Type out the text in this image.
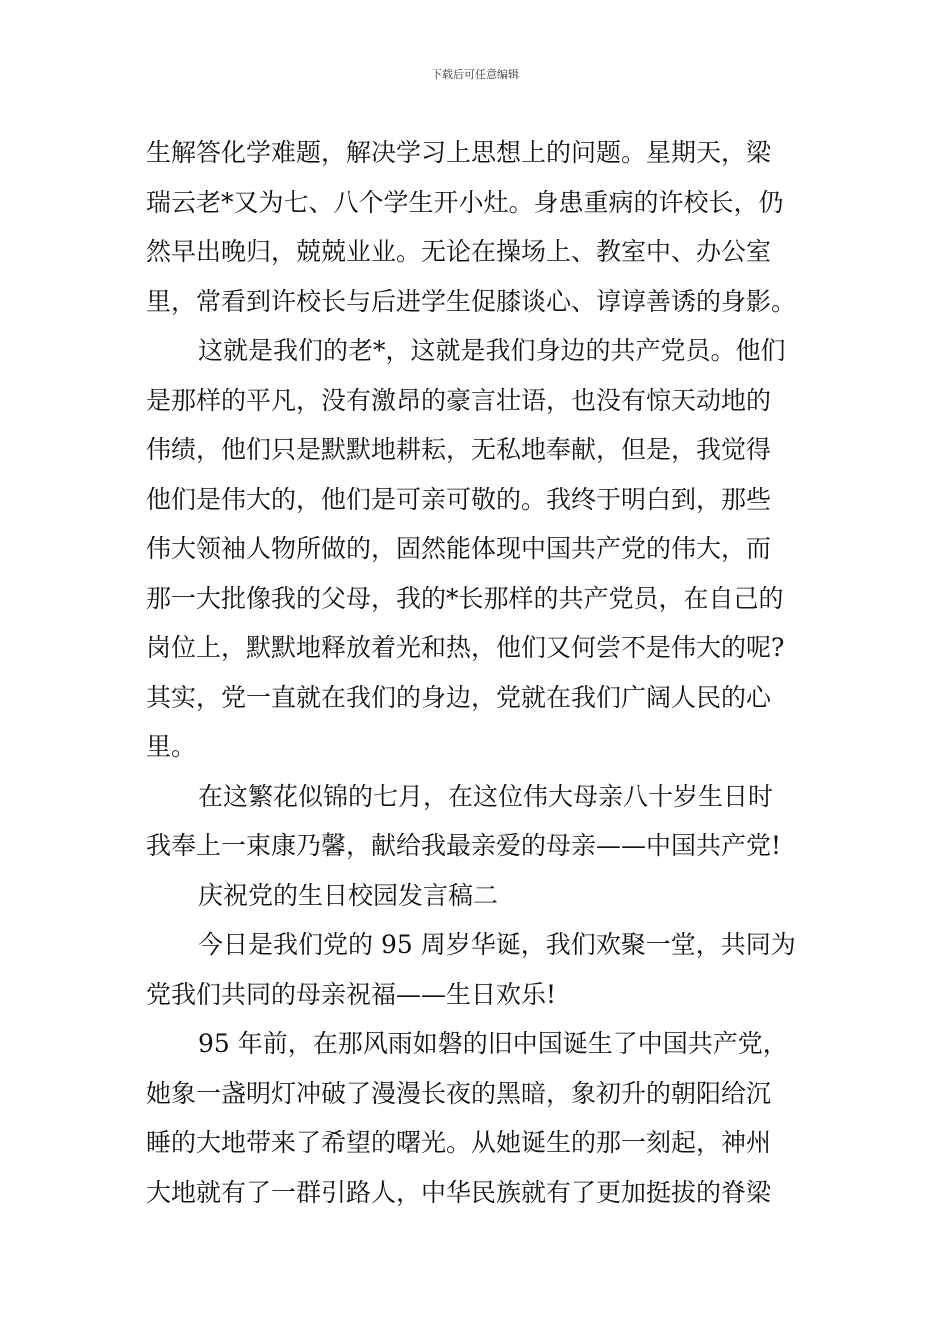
下载后可任意编辑
生解答化学难题，解决学习上思想上的问题。星期天，梁
瑞云老*又为七、八个学生开小灶。身患重病的许校长，仍
然早出晚归，兢兢业业。无论在操场上、教室中、办公室
里，常看到许校长与后进学生促膝谈心、谆谆善诱的身影。
这就是我们的老*，这就是我们身边的共产党员。他们
是那样的平凡，没有激昂的豪言壮语，也没有惊天动地的
伟绩，他们只是默默地耕耘，无私地奉献，但是，我觉得
他们是伟大的，他们是可亲可敬的。我终于明白到，那些
伟大领袖人物所做的，固然能体现中国共产党的伟大，而
那一大批像我的父母，我的*长那样的共产党员，在自己的
岗位上，默默地释放着光和热，他们又何尝不是伟大的呢?
其实，党一直就在我们的身边，党就在我们广阔人民的心
里。
在这繁花似锦的七月，在这位伟大母亲八十岁生日时
我奉上一束康乃馨，献给我最亲爱的母亲——中国共产党!
庆祝党的生日校园发言稿二
今日是我们党的 95 周岁华诞，我们欢聚一堂，共同为
党我们共同的母亲祝福——生日欢乐!
95 年前，在那风雨如磐的旧中国诞生了中国共产党，
她象一盏明灯冲破了漫漫长夜的黑暗，象初升的朝阳给沉
睡的大地带来了希望的曙光。从她诞生的那一刻起，神州
大地就有了一群引路人，中华民族就有了更加挺拔的脊梁
